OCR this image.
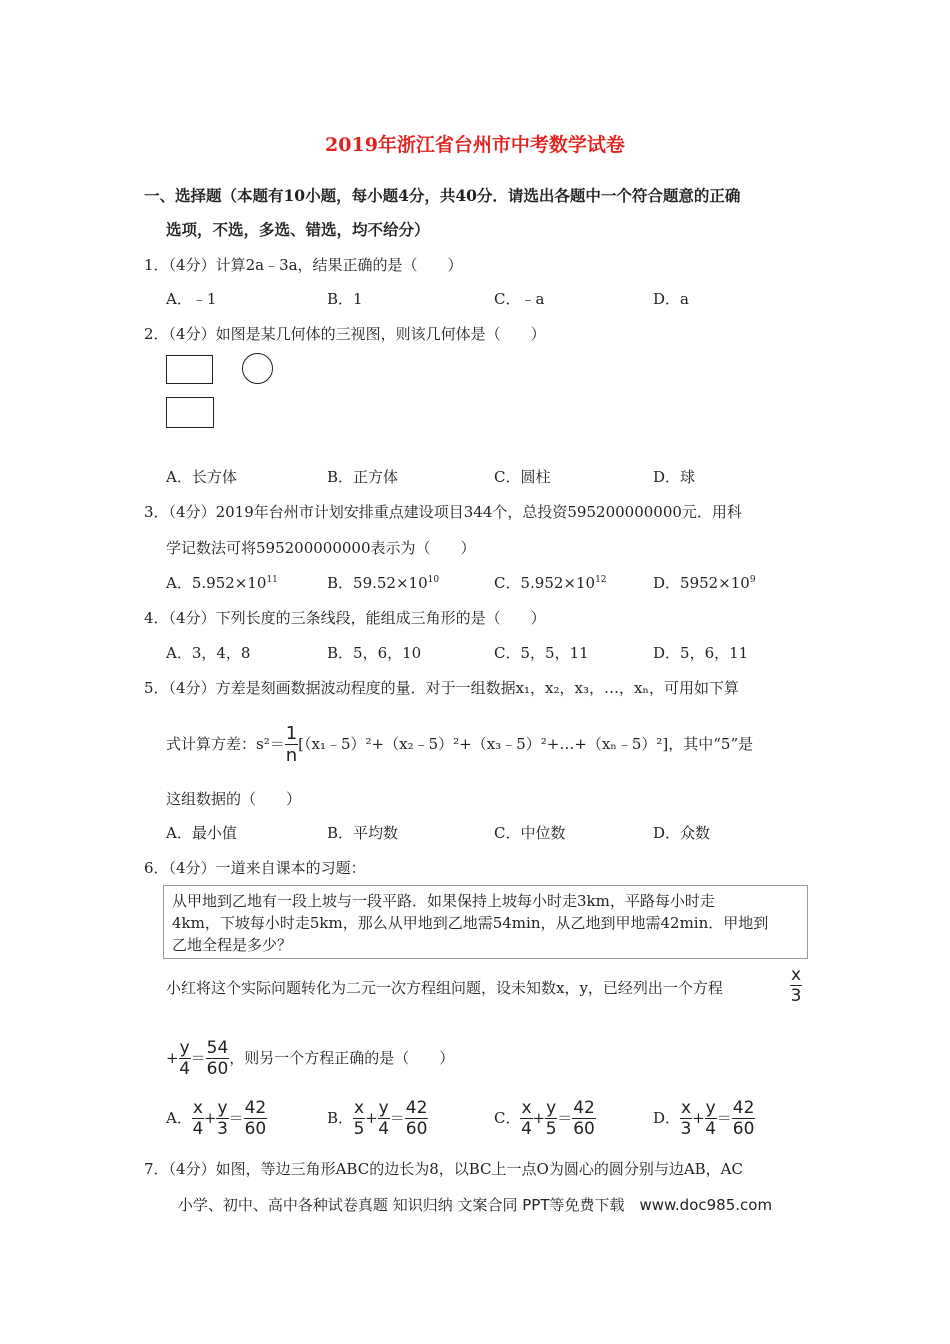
2019年浙江省台州市中考数学试卷
一、选择题（本题有10小题，每小题4分，共40分．请选出各题中一个符合题意的正确
选项，不选，多选、错选，均不给分）
1．（4分）计算2a﹣3a，结果正确的是（　　）
A．﹣1	B．1	C．﹣a	D．a
2．（4分）如图是某几何体的三视图，则该几何体是（　　）
A．长方体	B．正方体	C．圆柱	D．球
3．（4分）2019年台州市计划安排重点建设项目344个，总投资595200000000元．用科
学记数法可将595200000000表示为（　　）
A．$5.952\times 10^{11}$	B．$59.52\times 10^{10}$	C．$5.952\times 10^{12}$	D．$5952\times 10^9$
4．（4分）下列长度的三条线段，能组成三角形的是（　　）
A．3，4，8	B．5，6，10	C．5，5，11	D．5，6，11
5．（4分）方差是刻画数据波动程度的量．对于一组数据x₁，x₂，x₃，…，xₙ，可用如下算
式计算方差：$s^2= \frac{1}{n}$ [（x₁﹣5）²+（x₂﹣5）²+（x₃﹣5）²+…+（xₙ﹣5）²]，其中“5”是
这组数据的（　　）
A．最小值	B．平均数	C．中位数	D．众数
6．（4分）一道来自课本的习题：
从甲地到乙地有一段上坡与一段平路．如果保持上坡每小时走3km，平路每小时走
4km，下坡每小时走5km，那么从甲地到乙地需54min，从乙地到甲地需42min．甲地到
乙地全程是多少？
小红将这个实际问题转化为二元一次方程组问题，设未知数x，y，已经列出一个方程	$\frac{x}{3}$
+ $\frac{y}{4} = \frac{54}{60}$ ，则另一个方程正确的是（　　）
A． $\frac{x}{4} + \frac{y}{3} = \frac{42}{60}$	B． $\frac{x}{5} + \frac{y}{4} = \frac{42}{60}$	C． $\frac{x}{4} + \frac{y}{5} = \frac{42}{60}$	D． $\frac{x}{3} + \frac{y}{4} = \frac{42}{60}$
7．（4分）如图，等边三角形ABC的边长为8，以BC上一点O为圆心的圆分别与边AB，AC
小学、初中、高中各种试卷真题 知识归纳 文案合同 PPT等免费下载　www.doc985.com
